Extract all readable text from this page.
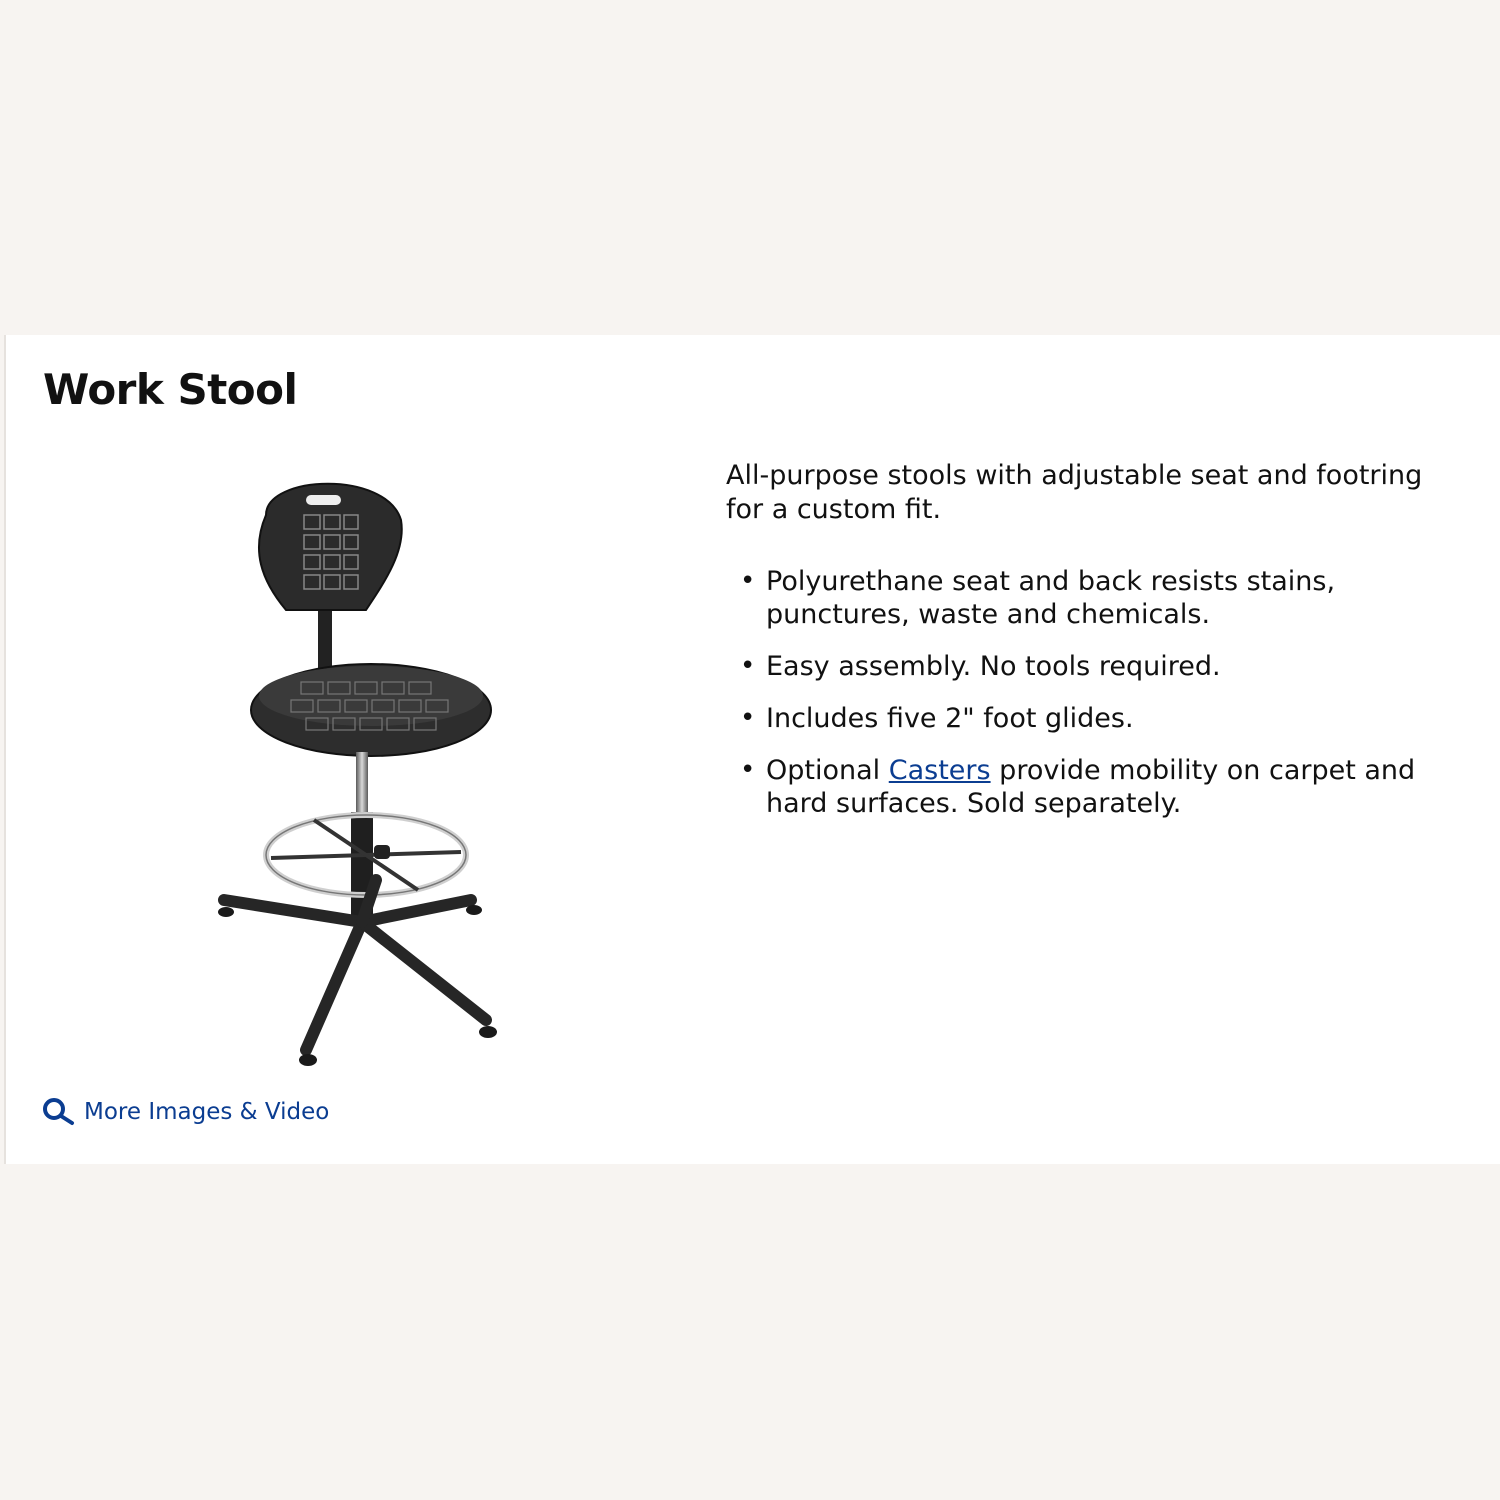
Work Stool
More Images & Video

All-purpose stools with adjustable seat and footring for a custom fit.

• Polyurethane seat and back resists stains, punctures, waste and chemicals.
• Easy assembly. No tools required.
• Includes five 2" foot glides.
• Optional Casters provide mobility on carpet and hard surfaces. Sold separately.
